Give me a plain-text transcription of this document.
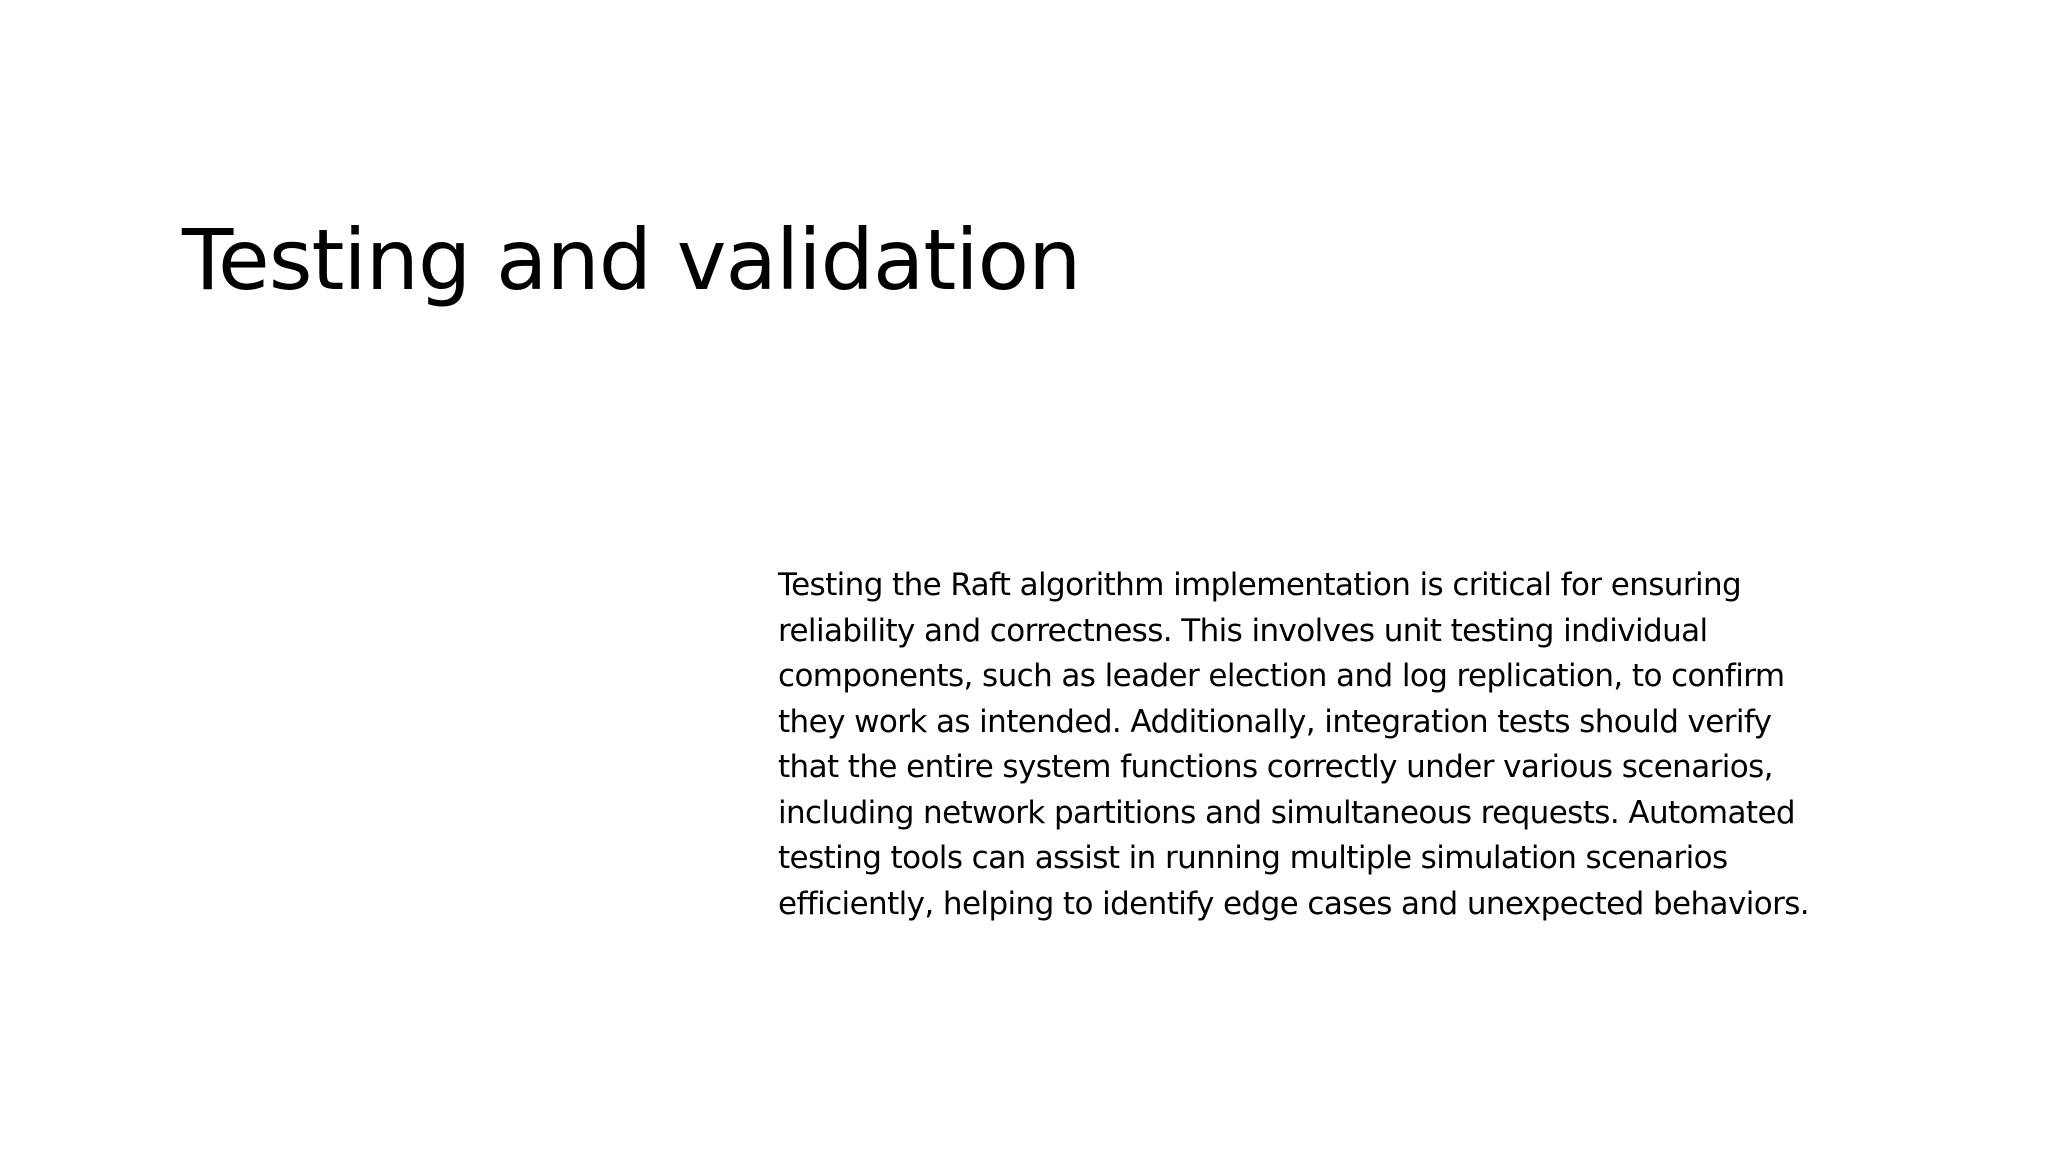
Testing and validation

Testing the Raft algorithm implementation is critical for ensuring
reliability and correctness. This involves unit testing individual
components, such as leader election and log replication, to confirm
they work as intended. Additionally, integration tests should verify
that the entire system functions correctly under various scenarios,
including network partitions and simultaneous requests. Automated
testing tools can assist in running multiple simulation scenarios
efficiently, helping to identify edge cases and unexpected behaviors.
